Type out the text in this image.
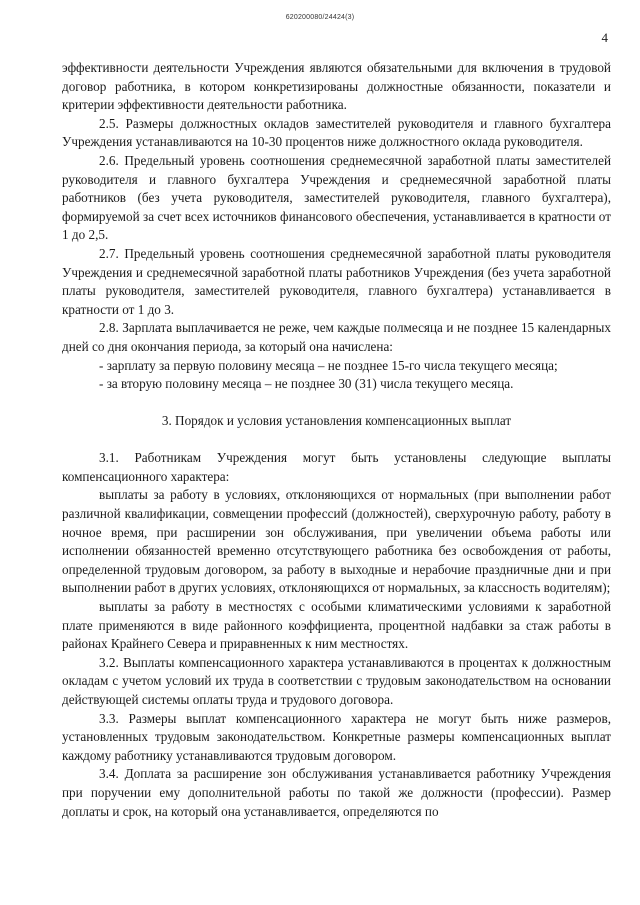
620200080/24424(3)
4

эффективности деятельности Учреждения являются обязательными для включения в трудовой договор работника, в котором конкретизированы должностные обязанности, показатели и критерии эффективности деятельности работника.

2.5. Размеры должностных окладов заместителей руководителя и главного бухгалтера Учреждения устанавливаются на 10-30 процентов ниже должностного оклада руководителя.

2.6. Предельный уровень соотношения среднемесячной заработной платы заместителей руководителя и главного бухгалтера Учреждения и среднемесячной заработной платы работников (без учета руководителя, заместителей руководителя, главного бухгалтера), формируемой за счет всех источников финансового обеспечения, устанавливается в кратности от 1 до 2,5.

2.7. Предельный уровень соотношения среднемесячной заработной платы руководителя Учреждения и среднемесячной заработной платы работников Учреждения (без учета заработной платы руководителя, заместителей руководителя, главного бухгалтера) устанавливается в кратности от 1 до 3.

2.8. Зарплата выплачивается не реже, чем каждые полмесяца и не позднее 15 календарных дней со дня окончания периода, за который она начислена:

- зарплату за первую половину месяца – не позднее 15-го числа текущего месяца;

- за вторую половину месяца – не позднее 30 (31) числа текущего месяца.

3. Порядок и условия установления компенсационных выплат

3.1. Работникам Учреждения могут быть установлены следующие выплаты компенсационного характера:

выплаты за работу в условиях, отклоняющихся от нормальных (при выполнении работ различной квалификации, совмещении профессий (должностей), сверхурочную работу, работу в ночное время, при расширении зон обслуживания, при увеличении объема работы или исполнении обязанностей временно отсутствующего работника без освобождения от работы, определенной трудовым договором, за работу в выходные и нерабочие праздничные дни и при выполнении работ в других условиях, отклоняющихся от нормальных, за классность водителям);

выплаты за работу в местностях с особыми климатическими условиями к заработной плате применяются в виде районного коэффициента, процентной надбавки за стаж работы в районах Крайнего Севера и приравненных к ним местностях.

3.2. Выплаты компенсационного характера устанавливаются в процентах к должностным окладам с учетом условий их труда в соответствии с трудовым законодательством на основании действующей системы оплаты труда и трудового договора.

3.3. Размеры выплат компенсационного характера не могут быть ниже размеров, установленных трудовым законодательством. Конкретные размеры компенсационных выплат каждому работнику устанавливаются трудовым договором.

3.4. Доплата за расширение зон обслуживания устанавливается работнику Учреждения при поручении ему дополнительной работы по такой же должности (профессии). Размер доплаты и срок, на который она устанавливается, определяются по
